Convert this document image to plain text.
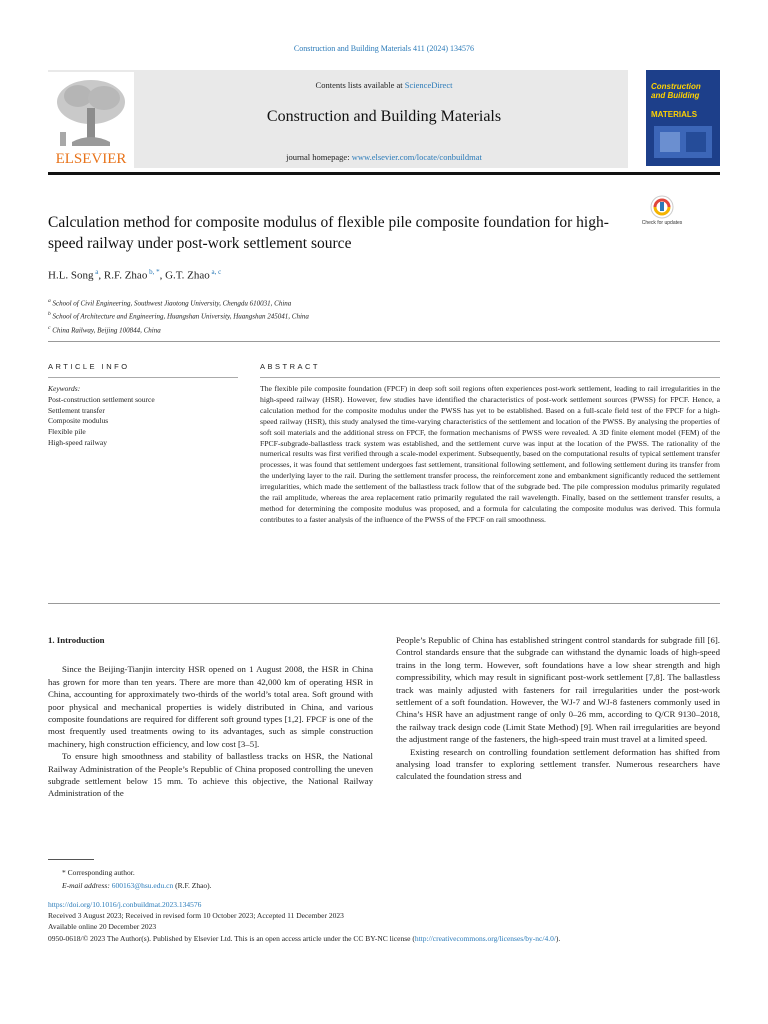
Construction and Building Materials 411 (2024) 134576
ELSEVIER
Contents lists available at ScienceDirect
Construction and Building Materials
journal homepage: www.elsevier.com/locate/conbuildmat
Construction and Building
MATERIALS
Calculation method for composite modulus of flexible pile composite foundation for high-speed railway under post-work settlement source
Check for updates
H.L. Song $^a$, R.F. Zhao $^{b, *}$, G.T. Zhao $^{a, c}$
$^a$ School of Civil Engineering, Southwest Jiaotong University, Chengdu 610031, China
$^b$ School of Architecture and Engineering, Huangshan University, Huangshan 245041, China
$^c$ China Railway, Beijing 100844, China
ARTICLE INFO	ABSTRACT
Keywords:
Post-construction settlement source
Settlement transfer
Composite modulus
Flexible pile
High-speed railway
The flexible pile composite foundation (FPCF) in deep soft soil regions often experiences post-work settlement, leading to rail irregularities in the high-speed railway (HSR). However, few studies have identified the characteristics of post-work settlement sources (PWSS) for FPCF. Hence, a calculation method for the composite modulus under the PWSS has yet to be established. Based on a full-scale field test of the FPCF for a high-speed railway (HSR), this study analysed the time-varying characteristics of the settlement and location of the PWSS. By analysing the properties of soft soil materials and the additional stress on FPCF, the formation mechanisms of PWSS were revealed. A 3D finite element model (FEM) of the FPCF-subgrade-ballastless track system was established, and the settlement curve was input at the location of the PWSS. The rationality of the numerical results was first verified through a scale-model experiment. Subsequently, based on the computational results of typical settlement transfer processes, it was found that settlement undergoes fast settlement, transitional following settlement, and following settlement during its transfer from the underlying layer to the rail. During the settlement transfer process, the reinforcement zone and embankment significantly reduced the settlement irregularities, which made the settlement of the ballastless track follow that of the subgrade bed. The pile compression modulus primarily regulated the rail amplitude, whereas the area replacement ratio primarily regulated the rail wavelength. Finally, based on the settlement transfer results, a method for determining the composite modulus was proposed, and a formula for calculating the composite modulus was derived. This formula contributes to a faster analysis of the influence of the PWSS of the FPCF on rail smoothness.
1. Introduction

Since the Beijing-Tianjin intercity HSR opened on 1 August 2008, the HSR in China has grown for more than ten years. There are more than 42,000 km of operating HSR in China, accounting for approximately two-thirds of the world’s total area. Soft ground with poor physical and mechanical properties is widely distributed in China, and various composite foundations are required for different soft ground types [1,2]. FPCF is one of the most frequently used treatments owing to its advantages, such as simple construction machinery, high construction efficiency, and low cost [3–5].

To ensure high smoothness and stability of ballastless tracks on HSR, the National Railway Administration of the People’s Republic of China proposed controlling the uneven subgrade settlement below 15 mm. To achieve this objective, the National Railway Administration of the

People’s Republic of China has established stringent control standards for subgrade fill [6]. Control standards ensure that the subgrade can withstand the dynamic loads of high-speed trains in the long term. However, soft foundations have a low shear strength and high compressibility, which may result in significant post-work settlement [7,8]. The ballastless track was mainly adjusted with fasteners for rail irregularities under the post-work settlement of a soft foundation. However, the WJ-7 and WJ-8 fasteners commonly used in China’s HSR have an adjustment range of only 0–26 mm, according to Q/CR 9130–2018, the railway track design code (Limit State Method) [9]. When rail irregularities are beyond the adjustment range of the fasteners, the high-speed train must travel at a limited speed.

Existing research on controlling foundation settlement deformation has shifted from analysing load transfer to exploring settlement transfer. Numerous researchers have calculated the foundation stress and

* Corresponding author.
E-mail address: 600163@hsu.edu.cn (R.F. Zhao).
https://doi.org/10.1016/j.conbuildmat.2023.134576
Received 3 August 2023; Received in revised form 10 October 2023; Accepted 11 December 2023
Available online 20 December 2023
0950-0618/© 2023 The Author(s). Published by Elsevier Ltd. This is an open access article under the CC BY-NC license (http://creativecommons.org/licenses/by-nc/4.0/).
